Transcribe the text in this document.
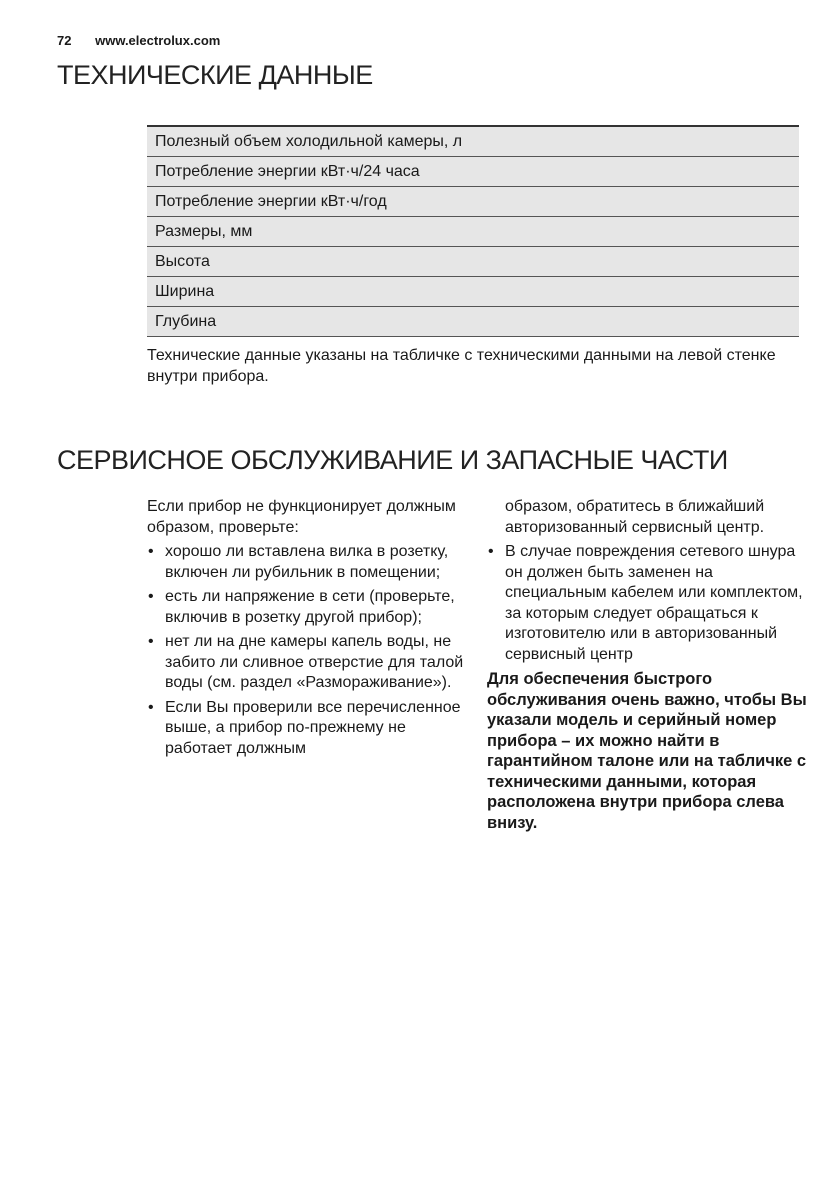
72 www.electrolux.com
ТЕХНИЧЕСКИЕ ДАННЫЕ
Полезный объем холодильной камеры, л
Потребление энергии кВт·ч/24 часа
Потребление энергии кВт·ч/год
Размеры, мм
Высота
Ширина
Глубина

Технические данные указаны на табличке с техническими данными на левой стенке внутри прибора.

СЕРВИСНОЕ ОБСЛУЖИВАНИЕ И ЗАПАСНЫЕ ЧАСТИ

Если прибор не функционирует должным образом, проверьте:

• хорошо ли вставлена вилка в розетку, включен ли рубильник в помещении;
• есть ли напряжение в сети (проверьте, включив в розетку другой прибор);
• нет ли на дне камеры капель воды, не забито ли сливное отверстие для талой воды (см. раздел «Размораживание»).
• Если Вы проверили все перечисленное выше, а прибор по-прежнему не работает должным

образом, обратитесь в ближайший авторизованный сервисный центр.

• В случае повреждения сетевого шнура он должен быть заменен на специальным кабелем или комплектом, за которым следует обращаться к изготовителю или в авторизованный сервисный центр

Для обеспечения быстрого обслуживания очень важно, чтобы Вы указали модель и серийный номер прибора – их можно найти в гарантийном талоне или на табличке с техническими данными, которая расположена внутри прибора слева внизу.
